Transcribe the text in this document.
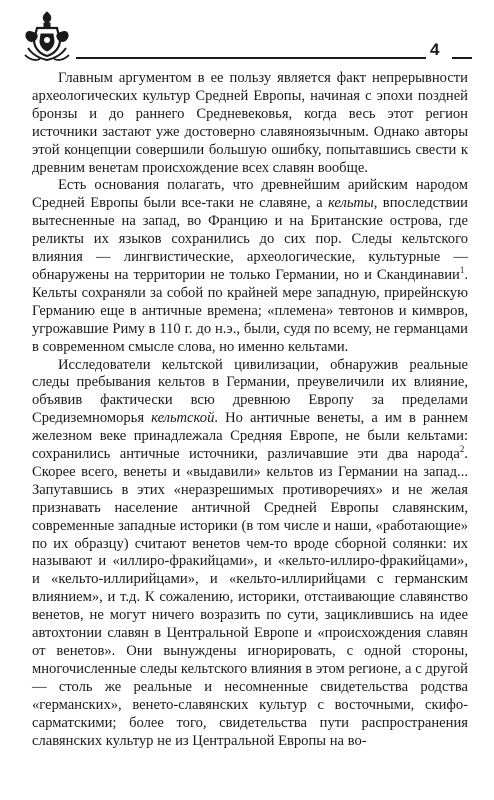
4

Главным аргументом в ее пользу является факт непрерывности археологических культур Средней Европы, начиная с эпохи поздней бронзы и до раннего Средневековья, когда весь этот регион источники застают уже достоверно славяноязычным. Однако авторы этой концепции совершили большую ошибку, попытавшись свести к древним венетам происхождение всех славян вообще.

Есть основания полагать, что древнейшим арийским народом Средней Европы были все-таки не славяне, а кельты, впоследствии вытесненные на запад, во Францию и на Британские острова, где реликты их языков сохранились до сих пор. Следы кельтского влияния — лингвистические, археологические, культурные — обнаружены на территории не только Германии, но и Скандинавии$^1$. Кельты сохраняли за собой по крайней мере западную, прирейнскую Германию еще в античные времена; «племена» тевтонов и кимвров, угрожавшие Риму в 110 г. до н.э., были, судя по всему, не германцами в современном смысле слова, но именно кельтами.

Исследователи кельтской цивилизации, обнаружив реальные следы пребывания кельтов в Германии, преувеличили их влияние, объявив фактически всю древнюю Европу за пределами Средиземноморья кельтской. Но античные венеты, а им в раннем железном веке принадлежала Средняя Европе, не были кельтами: сохранились античные источники, различавшие эти два народа$^2$. Скорее всего, венеты и «выдавили» кельтов из Германии на запад... Запутавшись в этих «неразрешимых противоречиях» и не желая признавать население античной Средней Европы славянским, современные западные историки (в том числе и наши, «работающие» по их образцу) считают венетов чем-то вроде сборной солянки: их называют и «иллиро-фракийцами», и «кельто-иллиро-фракийцами», и «кельто-иллирийцами», и «кельто-иллирийцами с германским влиянием», и т.д. К сожалению, историки, отстаивающие славянство венетов, не могут ничего возразить по сути, зациклившись на идее автохтонии славян в Центральной Европе и «происхождения славян от венетов». Они вынуждены игнорировать, с одной стороны, многочисленные следы кельтского влияния в этом регионе, а с другой — столь же реальные и несомненные свидетельства родства «германских», венето-славянских культур с восточными, скифо-сарматскими; более того, свидетельства пути распространения славянских культур не из Центральной Европы на во-
